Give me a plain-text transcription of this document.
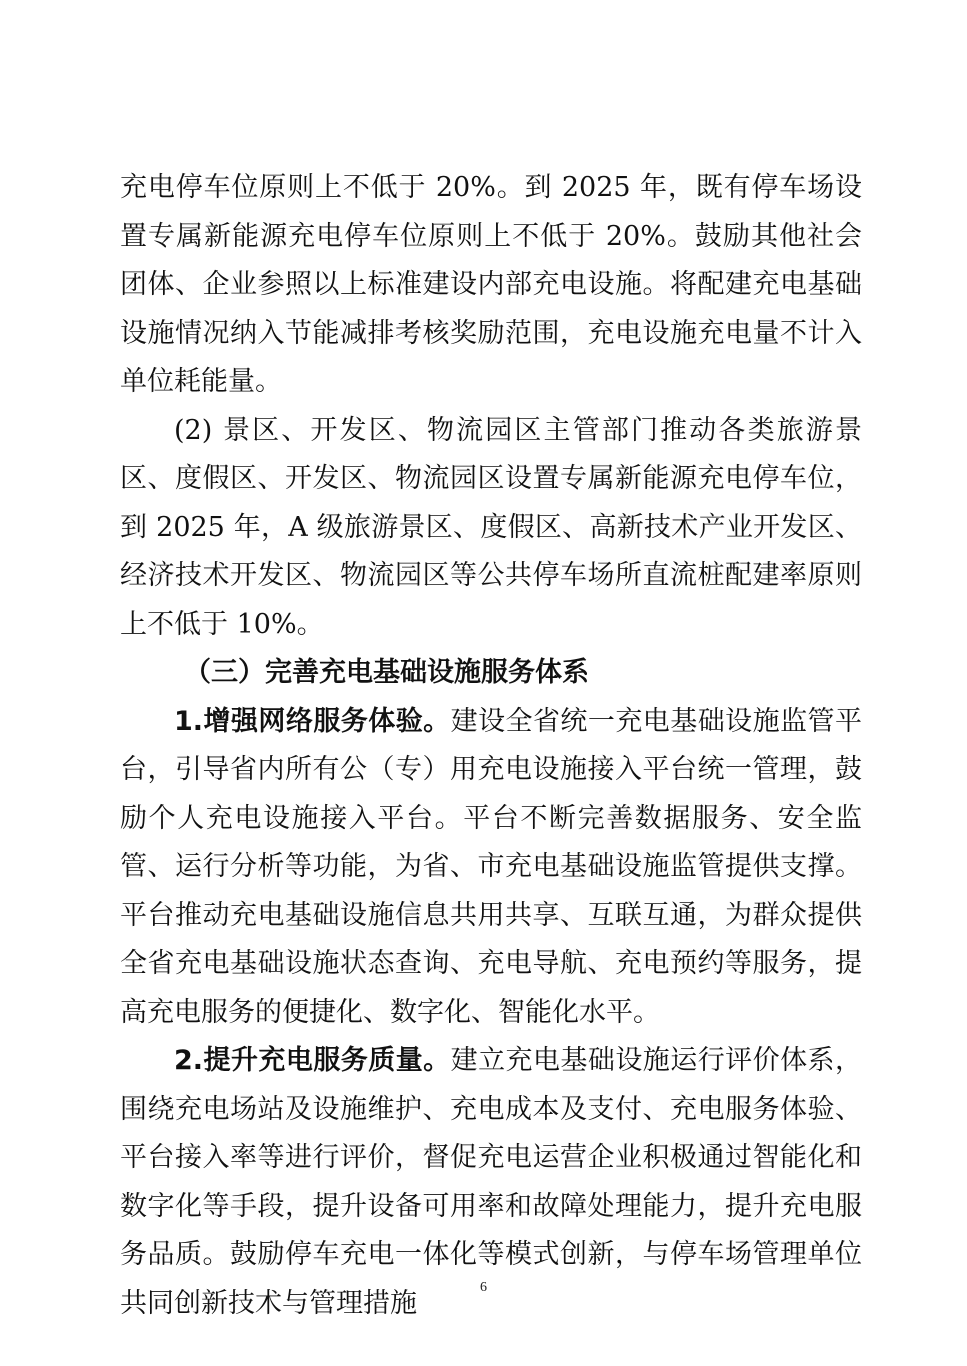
充电停车位原则上不低于 20%。到 2025 年，既有停车场设置专属新能源充电停车位原则上不低于 20%。鼓励其他社会团体、企业参照以上标准建设内部充电设施。将配建充电基础设施情况纳入节能减排考核奖励范围，充电设施充电量不计入单位耗能量。

(2) 景区、开发区、物流园区主管部门推动各类旅游景区、度假区、开发区、物流园区设置专属新能源充电停车位，到 2025 年，A 级旅游景区、度假区、高新技术产业开发区、经济技术开发区、物流园区等公共停车场所直流桩配建率原则上不低于 10%。

（三）完善充电基础设施服务体系

1.增强网络服务体验。建设全省统一充电基础设施监管平台，引导省内所有公（专）用充电设施接入平台统一管理，鼓励个人充电设施接入平台。平台不断完善数据服务、安全监管、运行分析等功能，为省、市充电基础设施监管提供支撑。平台推动充电基础设施信息共用共享、互联互通，为群众提供全省充电基础设施状态查询、充电导航、充电预约等服务，提高充电服务的便捷化、数字化、智能化水平。

2.提升充电服务质量。建立充电基础设施运行评价体系，围绕充电场站及设施维护、充电成本及支付、充电服务体验、平台接入率等进行评价，督促充电运营企业积极通过智能化和数字化等手段，提升设备可用率和故障处理能力，提升充电服务品质。鼓励停车充电一体化等模式创新，与停车场管理单位共同创新技术与管理措施	6
